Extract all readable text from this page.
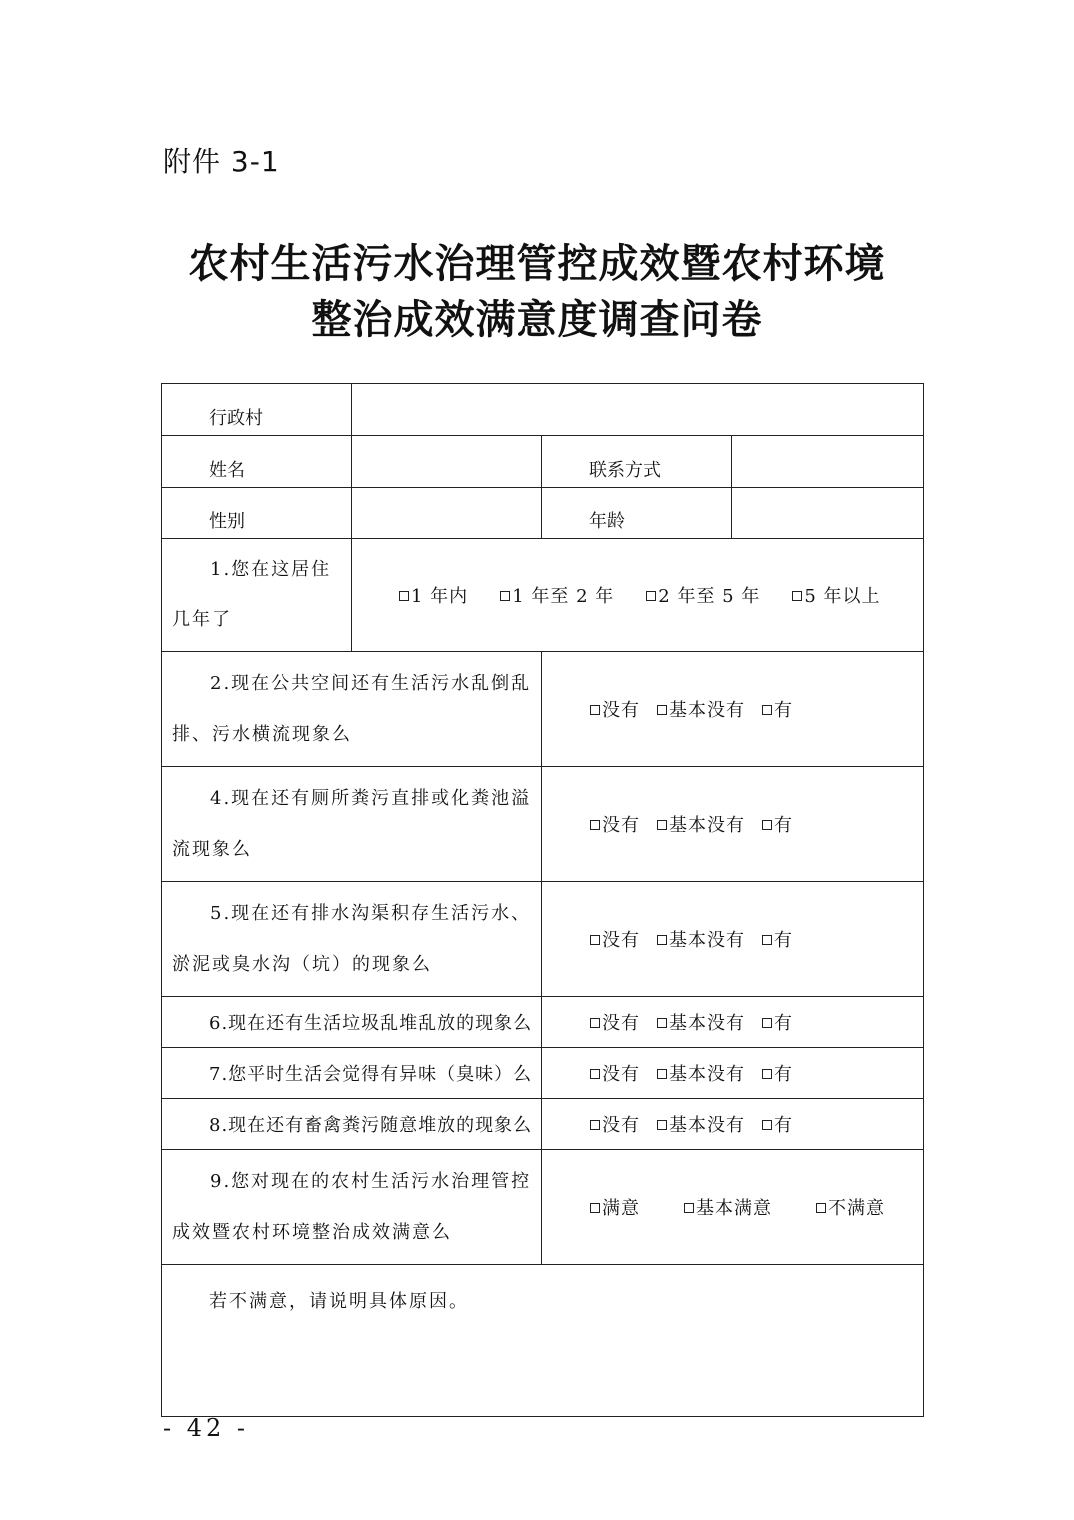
附件 3-1
农村生活污水治理管控成效暨农村环境
整治成效满意度调查问卷
行政村			
姓名		联系方式	
性别		年龄	
1.您在这居住几年了	1 年内 1 年至 2 年 2 年至 5 年 5 年以上		
2.现在公共空间还有生活污水乱倒乱排、污水横流现象么		没有 基本没有 有	
4.现在还有厕所粪污直排或化粪池溢流现象么		没有 基本没有 有	
5.现在还有排水沟渠积存生活污水、淤泥或臭水沟（坑）的现象么		没有 基本没有 有	
6.现在还有生活垃圾乱堆乱放的现象么		没有 基本没有 有	
7.您平时生活会觉得有异味（臭味）么		没有 基本没有 有	
8.现在还有畜禽粪污随意堆放的现象么		没有 基本没有 有	
9.您对现在的农村生活污水治理管控成效暨农村环境整治成效满意么		满意 基本满意 不满意	
若不满意，请说明具体原因。			
- 42 -
